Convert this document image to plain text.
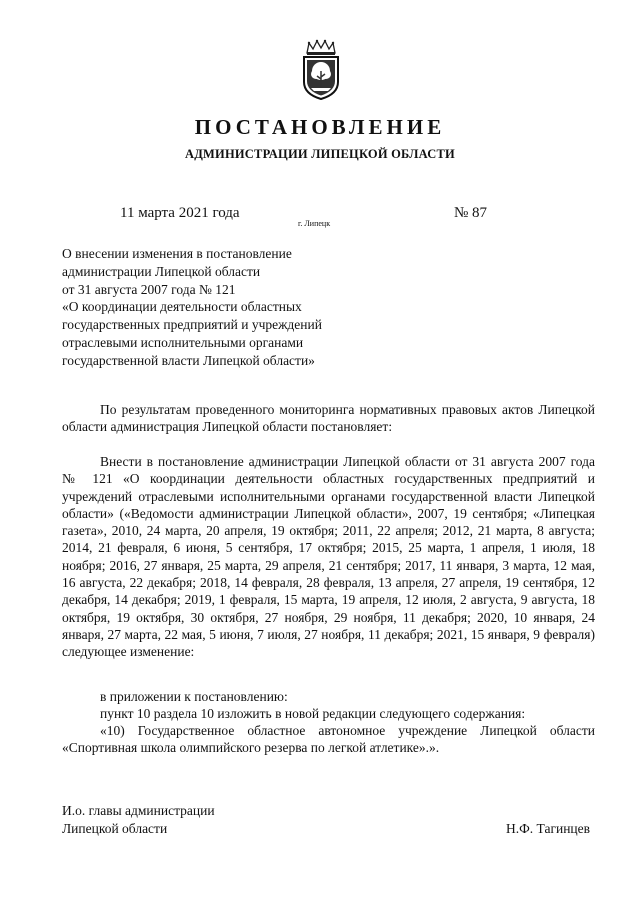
ПОСТАНОВЛЕНИЕ
АДМИНИСТРАЦИИ ЛИПЕЦКОЙ ОБЛАСТИ
11 марта 2021 года
г. Липецк
№ 87
О внесении изменения в постановление
администрации Липецкой области
от 31 августа 2007 года № 121
«О координации деятельности областных
государственных предприятий и учреждений
отраслевыми исполнительными органами
государственной власти Липецкой области»

По результатам проведенного мониторинга нормативных правовых актов Липецкой области администрация Липецкой области постановляет:

Внести в постановление администрации Липецкой области от 31 августа 2007 года № 121 «О координации деятельности областных государственных предприятий и учреждений отраслевыми исполнительными органами государственной власти Липецкой области» («Ведомости администрации Липецкой области», 2007, 19 сентября; «Липецкая газета», 2010, 24 марта, 20 апреля, 19 октября; 2011, 22 апреля; 2012, 21 марта, 8 августа; 2014, 21 февраля, 6 июня, 5 сентября, 17 октября; 2015, 25 марта, 1 апреля, 1 июля, 18 ноября; 2016, 27 января, 25 марта, 29 апреля, 21 сентября; 2017, 11 января, 3 марта, 12 мая, 16 августа, 22 декабря; 2018, 14 февраля, 28 февраля, 13 апреля, 27 апреля, 19 сентября, 12 декабря, 14 декабря; 2019, 1 февраля, 15 марта, 19 апреля, 12 июля, 2 августа, 9 августа, 18 октября, 19 октября, 30 октября, 27 ноября, 29 ноября, 11 декабря; 2020, 10 января, 24 января, 27 марта, 22 мая, 5 июня, 7 июля, 27 ноября, 11 декабря; 2021, 15 января, 9 февраля) следующее изменение:

в приложении к постановлению:

пункт 10 раздела 10 изложить в новой редакции следующего содержания:

«10) Государственное областное автономное учреждение Липецкой области «Спортивная школа олимпийского резерва по легкой атлетике».».

И.о. главы администрации
Липецкой области	Н.Ф. Тагинцев
